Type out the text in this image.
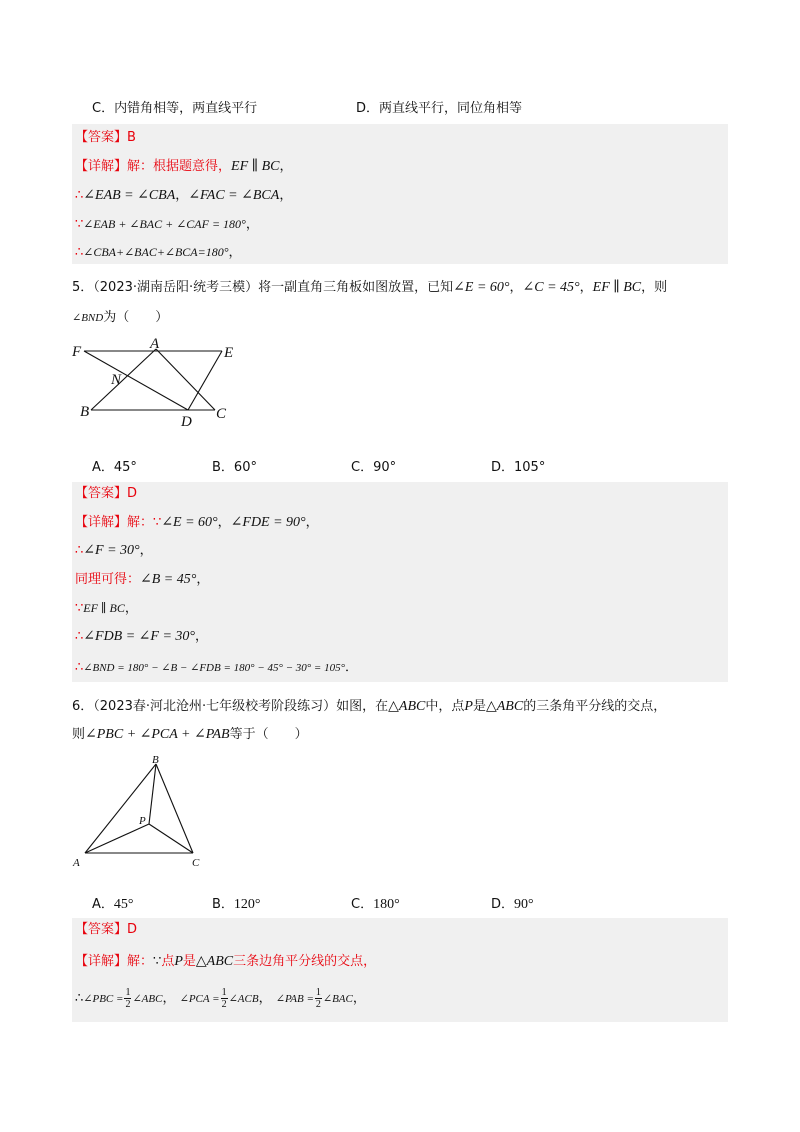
C．内错角相等，两直线平行	D．两直线平行，同位角相等
【答案】B
【详解】解：根据题意得，EF ∥ BC，
∴∠EAB = ∠CBA，∠FAC = ∠BCA，
∵∠EAB + ∠BAC + ∠CAF = 180°，
∴∠CBA+∠BAC+∠BCA=180°，
5．（2023·湖南岳阳·统考三模）将一副直角三角板如图放置，已知∠E = 60°，∠C = 45°，EF ∥ BC，则
∠BND为（　　）
F	A
E
N
B
D C
A．45°	B．60°	C．90°	D．105°
【答案】D
【详解】解：∵∠E = 60°，∠FDE = 90°，
∴∠F = 30°，
同理可得：∠B = 45°，
∵EF ∥ BC，
∴∠FDB = ∠F = 30°，
∴∠BND = 180° − ∠B − ∠FDB = 180° − 45° − 30° = 105°．
6．（2023春·河北沧州·七年级校考阶段练习）如图，在△ABC中，点P是△ABC的三条角平分线的交点，
则∠PBC + ∠PCA + ∠PAB等于（　　）
B
P
A	C
A．45°	B．120°	C．180°	D．90°
【答案】D
【详解】解：∵点P是△ABC三条边角平分线的交点，
∴∠PBC = $\frac{1}{2}$ ∠ABC， ∠PCA = $\frac{1}{2}$ ∠ACB， ∠PAB = $\frac{1}{2}$ ∠BAC，
